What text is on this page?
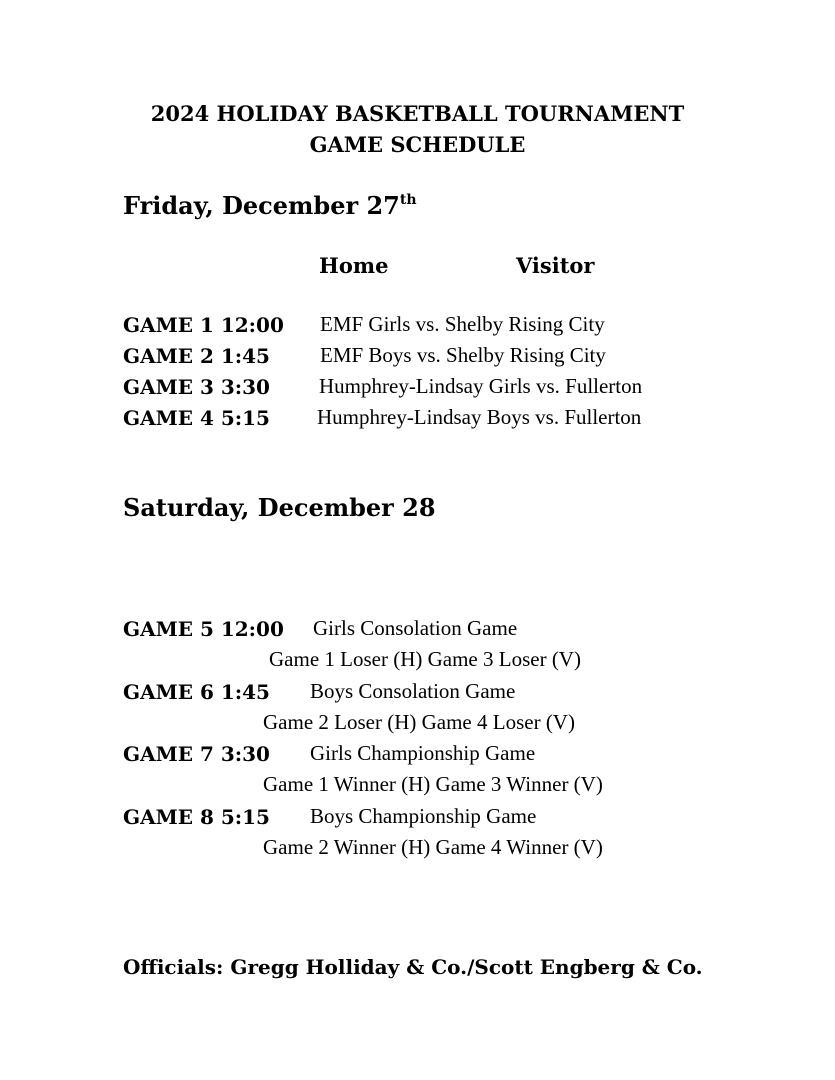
2024 HOLIDAY BASKETBALL TOURNAMENT
GAME SCHEDULE
Friday, December 27th
Home	Visitor
GAME 1 12:00 EMF Girls vs. Shelby Rising City
GAME 2 1:45 EMF Boys vs. Shelby Rising City
GAME 3 3:30 Humphrey-Lindsay Girls vs. Fullerton
GAME 4 5:15 Humphrey-Lindsay Boys vs. Fullerton
Saturday, December 28
GAME 5 12:00 Girls Consolation Game
Game 1 Loser (H) Game 3 Loser (V)
GAME 6 1:45 Boys Consolation Game
Game 2 Loser (H) Game 4 Loser (V)
GAME 7 3:30 Girls Championship Game
Game 1 Winner (H) Game 3 Winner (V)
GAME 8 5:15 Boys Championship Game
Game 2 Winner (H) Game 4 Winner (V)
Officials: Gregg Holliday & Co./Scott Engberg & Co.
